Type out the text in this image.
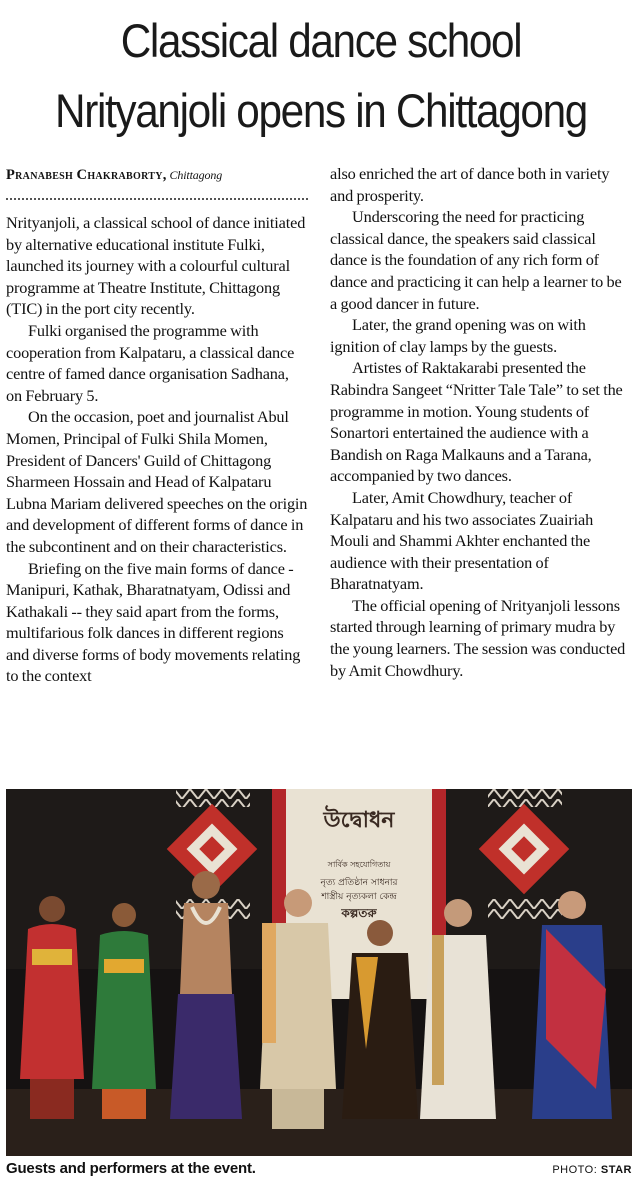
Classical dance school
Nrityanjoli opens in Chittagong
Pranabesh Chakraborty, Chittagong

Nrityanjoli, a classical school of dance initiated by alternative educational institute Fulki, launched its journey with a colourful cultural programme at Theatre Institute, Chittagong (TIC) in the port city recently.

Fulki organised the programme with cooperation from Kalpataru, a classical dance centre of famed dance organisation Sadhana, on February 5.

On the occasion, poet and journalist Abul Momen, Principal of Fulki Shila Momen, President of Dancers' Guild of Chittagong Sharmeen Hossain and Head of Kalpataru Lubna Mariam delivered speeches on the origin and development of different forms of dance in the subcontinent and on their characteristics.

Briefing on the five main forms of dance - Manipuri, Kathak, Bharatnatyam, Odissi and Kathakali -- they said apart from the forms, multifarious folk dances in different regions and diverse forms of body movements relating to the context

also enriched the art of dance both in variety and prosperity.

Underscoring the need for practicing classical dance, the speakers said classical dance is the foundation of any rich form of dance and practicing it can help a learner to be a good dancer in future.

Later, the grand opening was on with ignition of clay lamps by the guests.

Artistes of Raktakarabi presented the Rabindra Sangeet “Nritter Tale Tale” to set the programme in motion. Young students of Sonartori entertained the audience with a Bandish on Raga Malkauns and a Tarana, accompanied by two dances.

Later, Amit Chowdhury, teacher of Kalpataru and his two associates Zuairiah Mouli and Shammi Akhter enchanted the audience with their presentation of Bharatnatyam.

The official opening of Nrityanjoli lessons started through learning of primary mudra by the young learners. The session was conducted by Amit Chowdhury.

উদ্বোধন
সার্বিক সহযোগিতায়
নৃত্য প্রতিষ্ঠান সাধনার
শাস্ত্রীয় নৃত্যকলা কেন্দ্র
কল্পতরু
Guests and performers at the event.	PHOTO: STAR
